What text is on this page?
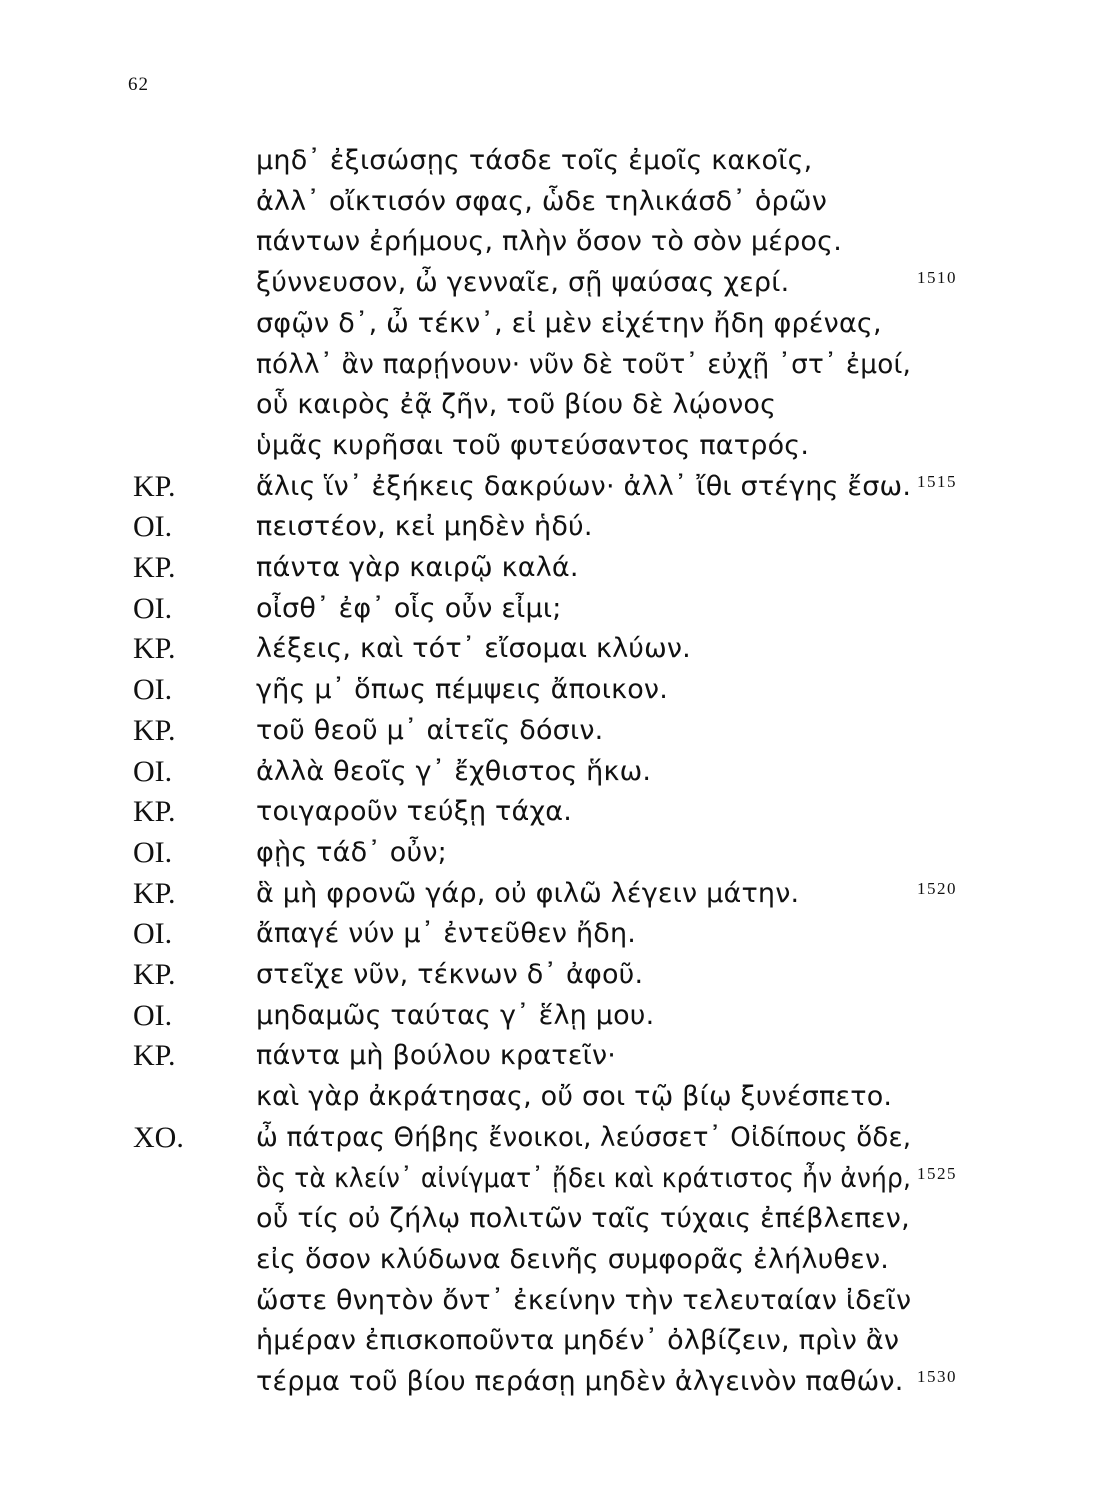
62
μηδ᾽ ἐξισώσῃς τάσδε τοῖς ἐμοῖς κακοῖς,
ἀλλ᾽ οἴκτισόν σφας, ὧδε τηλικάσδ᾽ ὁρῶν
πάντων ἐρήμους, πλὴν ὅσον τὸ σὸν μέρος.
ξύννευσον, ὦ γενναῖε, σῇ ψαύσας χερί.	1510
σφῷν δ᾽, ὦ τέκν᾽, εἰ μὲν εἰχέτην ἤδη φρένας,
πόλλ᾽ ἂν παρῄνουν· νῦν δὲ τοῦτ᾽ εὐχῇ ᾽στ᾽ ἐμοί,
οὗ καιρὸς ἐᾷ ζῆν, τοῦ βίου δὲ λῴονος
ὑμᾶς κυρῆσαι τοῦ φυτεύσαντος πατρός.
ΚΡ.	ἅλις ἵν᾽ ἐξήκεις δακρύων· ἀλλ᾽ ἴθι στέγης ἔσω. 1515
ΟΙ.	πειστέον, κεἰ μηδὲν ἡδύ.
ΚΡ.	πάντα γὰρ καιρῷ καλά.
ΟΙ.	οἶσθ᾽ ἐφ᾽ οἷς οὖν εἶμι;
ΚΡ.	λέξεις, καὶ τότ᾽ εἴσομαι κλύων.
ΟΙ.	γῆς μ᾽ ὅπως πέμψεις ἄποικον.
ΚΡ.	τοῦ θεοῦ μ᾽ αἰτεῖς δόσιν.
ΟΙ.	ἀλλὰ θεοῖς γ᾽ ἔχθιστος ἥκω.
ΚΡ.	τοιγαροῦν τεύξῃ τάχα.
ΟΙ.	φῂς τάδ᾽ οὖν;
ΚΡ.	ἃ μὴ φρονῶ γάρ, οὐ φιλῶ λέγειν μάτην.	1520
ΟΙ.	ἄπαγέ νύν μ᾽ ἐντεῦθεν ἤδη.
ΚΡ.	στεῖχε νῦν, τέκνων δ᾽ ἀφοῦ.
ΟΙ.	μηδαμῶς ταύτας γ᾽ ἕλῃ μου.
ΚΡ.	πάντα μὴ βούλου κρατεῖν·
καὶ γὰρ ἀκράτησας, οὔ σοι τῷ βίῳ ξυνέσπετο.
ΧΟ.	ὦ πάτρας Θήβης ἔνοικοι, λεύσσετ᾽ Οἰδίπους ὅδε,
ὃς τὰ κλείν᾽ αἰνίγματ᾽ ᾔδει καὶ κράτιστος ἦν ἀνήρ, 1525
οὗ τίς οὐ ζήλῳ πολιτῶν ταῖς τύχαις ἐπέβλεπεν,
εἰς ὅσον κλύδωνα δεινῆς συμφορᾶς ἐλήλυθεν.
ὥστε θνητὸν ὄντ᾽ ἐκείνην τὴν τελευταίαν ἰδεῖν
ἡμέραν ἐπισκοποῦντα μηδέν᾽ ὀλβίζειν, πρὶν ἂν
τέρμα τοῦ βίου περάσῃ μηδὲν ἀλγεινὸν παθών. 1530
